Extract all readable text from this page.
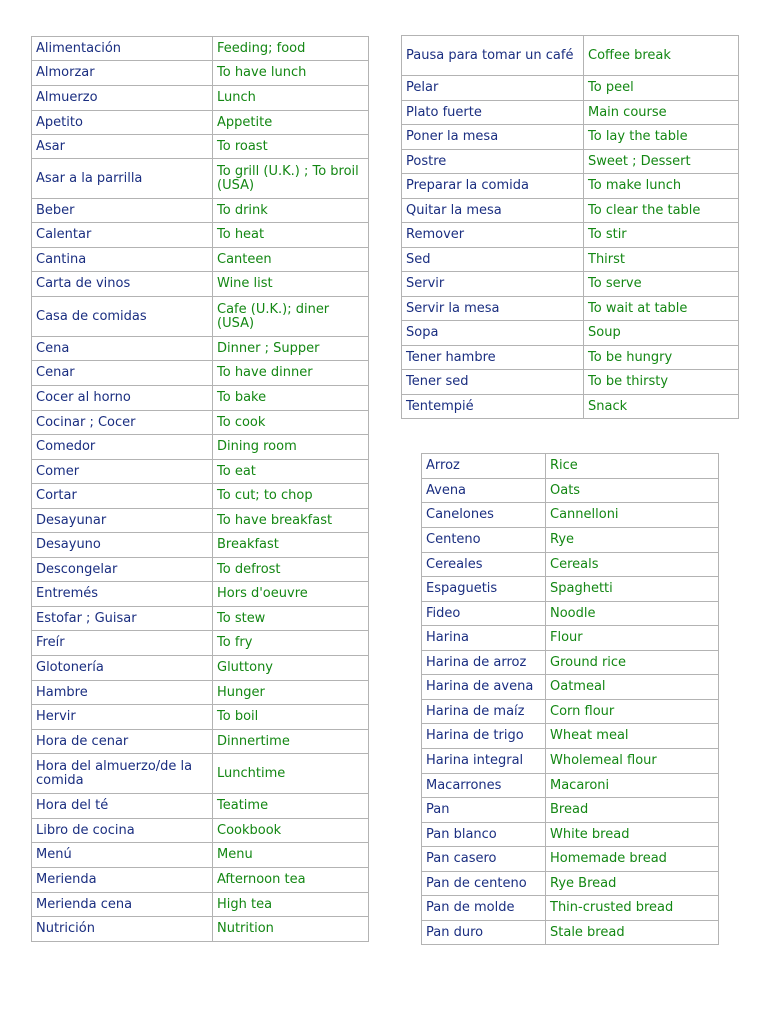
Alimentación	Feeding; food
Almorzar	To have lunch
Almuerzo	Lunch
Apetito	Appetite
Asar	To roast
Asar a la parrilla	To grill (U.K.) ; To broil (USA)
Beber	To drink
Calentar	To heat
Cantina	Canteen
Carta de vinos	Wine list
Casa de comidas	Cafe (U.K.); diner (USA)
Cena	Dinner ; Supper
Cenar	To have dinner
Cocer al horno	To bake
Cocinar ; Cocer	To cook
Comedor	Dining room
Comer	To eat
Cortar	To cut; to chop
Desayunar	To have breakfast
Desayuno	Breakfast
Descongelar	To defrost
Entremés	Hors d'oeuvre
Estofar ; Guisar	To stew
Freír	To fry
Glotonería	Gluttony
Hambre	Hunger
Hervir	To boil
Hora de cenar	Dinnertime
Hora del almuerzo/de la comida	Lunchtime
Hora del té	Teatime
Libro de cocina	Cookbook
Menú	Menu
Merienda	Afternoon tea
Merienda cena	High tea
Nutrición	Nutrition
Pausa para tomar un café	Coffee break
Pelar	To peel
Plato fuerte	Main course
Poner la mesa	To lay the table
Postre	Sweet ; Dessert
Preparar la comida	To make lunch
Quitar la mesa	To clear the table
Remover	To stir
Sed	Thirst
Servir	To serve
Servir la mesa	To wait at table
Sopa	Soup
Tener hambre	To be hungry
Tener sed	To be thirsty
Tentempié	Snack
Arroz	Rice
Avena	Oats
Canelones	Cannelloni
Centeno	Rye
Cereales	Cereals
Espaguetis	Spaghetti
Fideo	Noodle
Harina	Flour
Harina de arroz	Ground rice
Harina de avena	Oatmeal
Harina de maíz	Corn flour
Harina de trigo	Wheat meal
Harina integral	Wholemeal flour
Macarrones	Macaroni
Pan	Bread
Pan blanco	White bread
Pan casero	Homemade bread
Pan de centeno	Rye Bread
Pan de molde	Thin-crusted bread
Pan duro	Stale bread
